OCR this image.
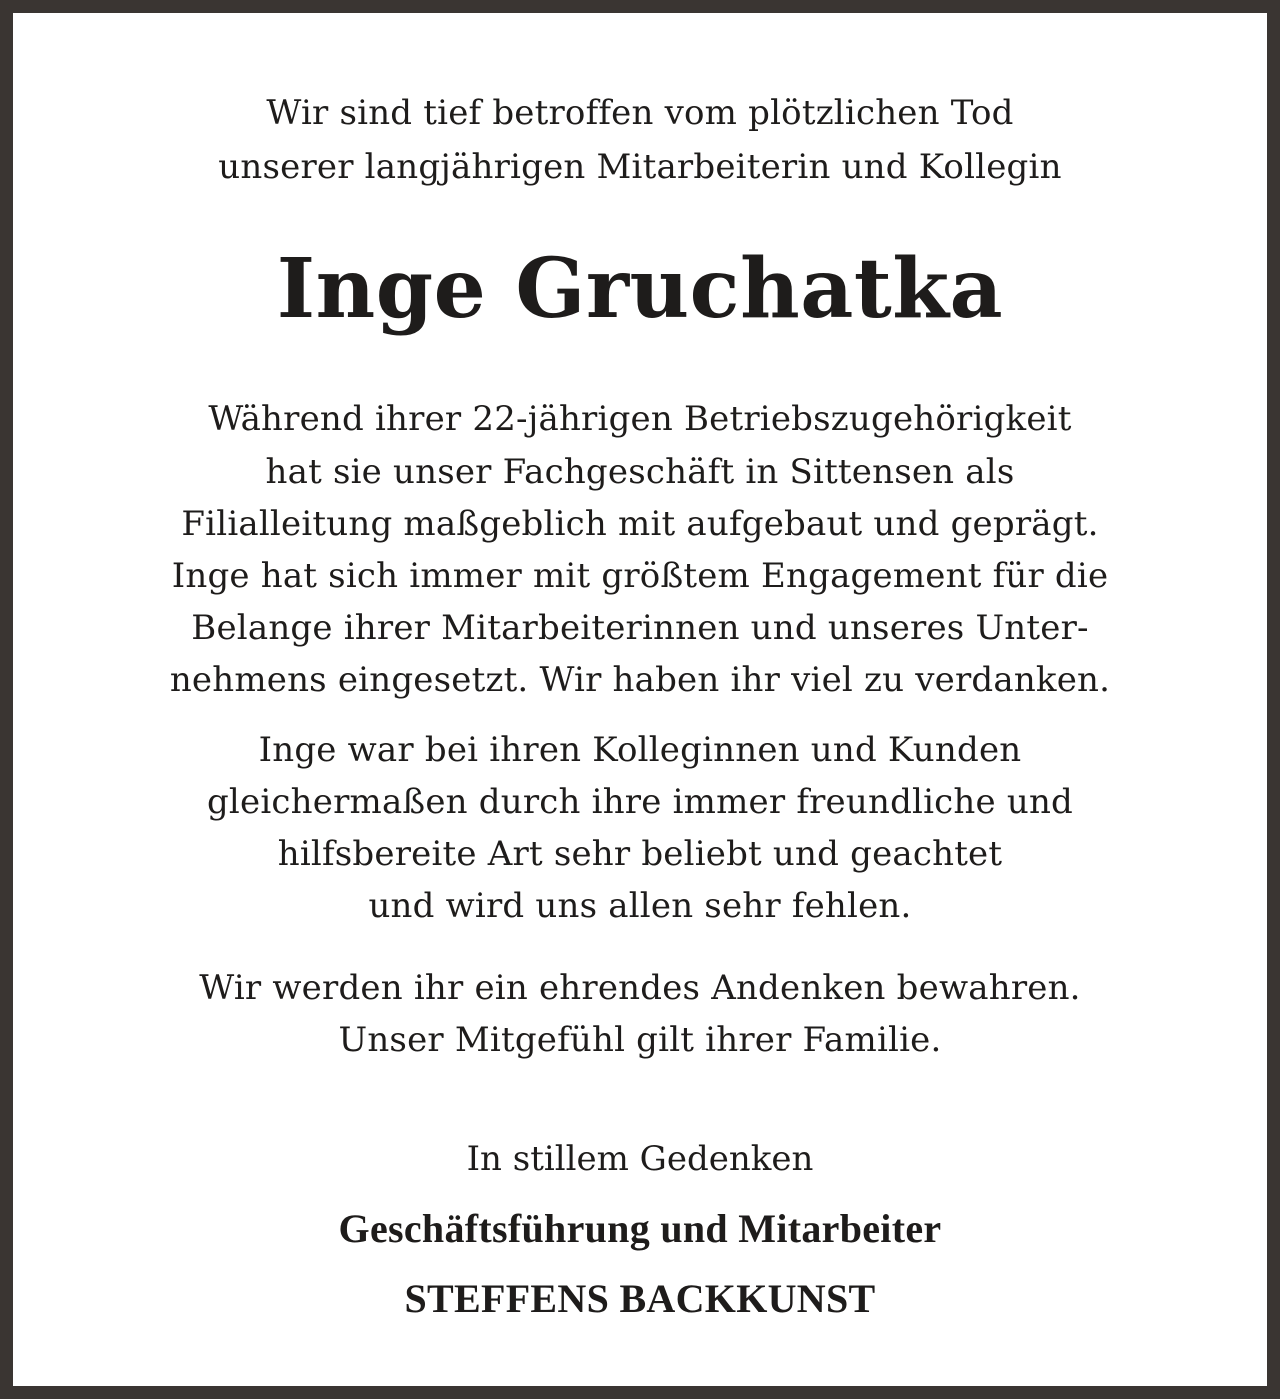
Wir sind tief betroffen vom plötzlichen Tod
unserer langjährigen Mitarbeiterin und Kollegin
Inge Gruchatka
Während ihrer 22-jährigen Betriebszugehörigkeit
hat sie unser Fachgeschäft in Sittensen als
Filialleitung maßgeblich mit aufgebaut und geprägt.
Inge hat sich immer mit größtem Engagement für die
Belange ihrer Mitarbeiterinnen und unseres Unter-
nehmens eingesetzt. Wir haben ihr viel zu verdanken.
Inge war bei ihren Kolleginnen und Kunden
gleichermaßen durch ihre immer freundliche und
hilfsbereite Art sehr beliebt und geachtet
und wird uns allen sehr fehlen.
Wir werden ihr ein ehrendes Andenken bewahren.
Unser Mitgefühl gilt ihrer Familie.
In stillem Gedenken
Geschäftsführung und Mitarbeiter
STEFFENS BACKKUNST
